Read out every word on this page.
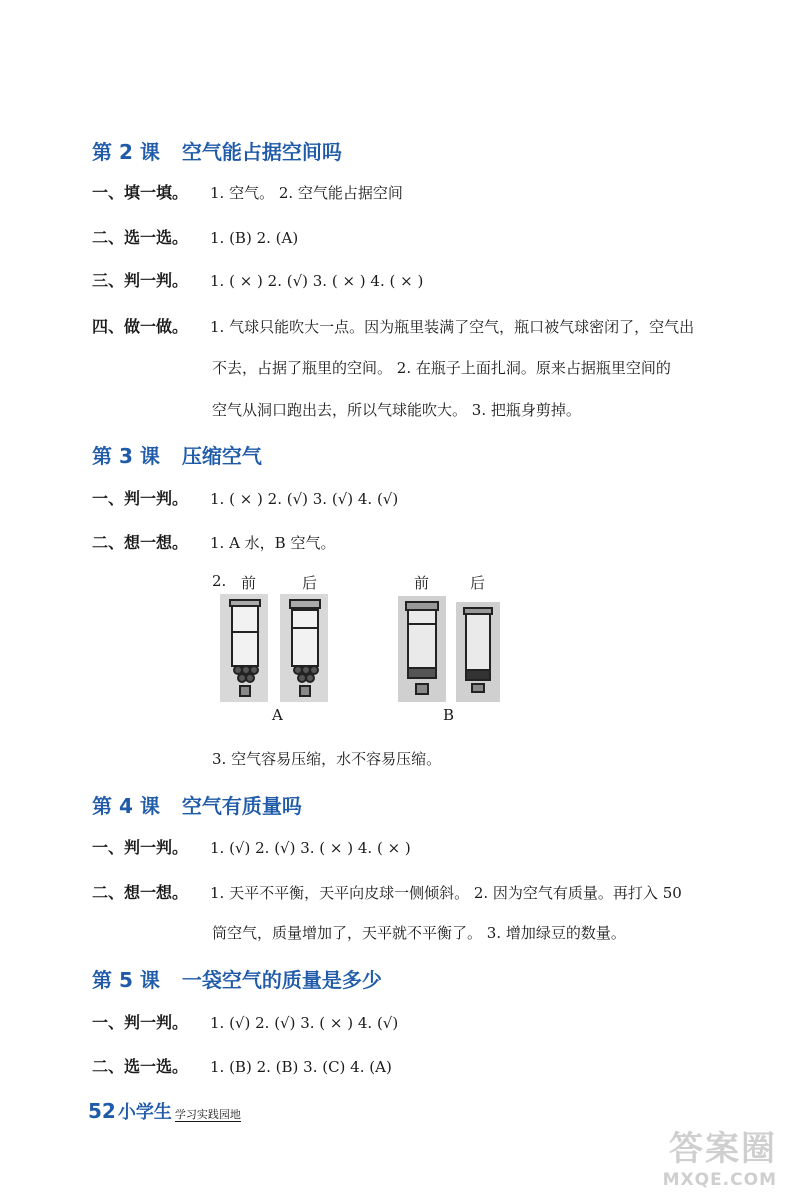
第 2 课 空气能占据空间吗
一、填一填。 1. 空气。 2. 空气能占据空间
二、选一选。 1. (B) 2. (A)
三、判一判。 1. ( × ) 2. (√) 3. ( × ) 4. ( × )
四、做一做。 1. 气球只能吹大一点。因为瓶里装满了空气，瓶口被气球密闭了，空气出
不去，占据了瓶里的空间。 2. 在瓶子上面扎洞。原来占据瓶里空间的
空气从洞口跑出去，所以气球能吹大。 3. 把瓶身剪掉。
第 3 课 压缩空气
一、判一判。 1. ( × ) 2. (√) 3. (√) 4. (√)
二、想一想。 1. A 水，B 空气。
2. 前	后	前	后
A	B
3. 空气容易压缩，水不容易压缩。
第 4 课 空气有质量吗
一、判一判。 1. (√) 2. (√) 3. ( × ) 4. ( × )
二、想一想。 1. 天平不平衡，天平向皮球一侧倾斜。 2. 因为空气有质量。再打入 50
筒空气，质量增加了，天平就不平衡了。 3. 增加绿豆的数量。
第 5 课 一袋空气的质量是多少
一、判一判。 1. (√) 2. (√) 3. ( × ) 4. (√)
二、选一选。 1. (B) 2. (B) 3. (C) 4. (A)
52 小学生 学习实践园地
答案圈
MXQE.COM
